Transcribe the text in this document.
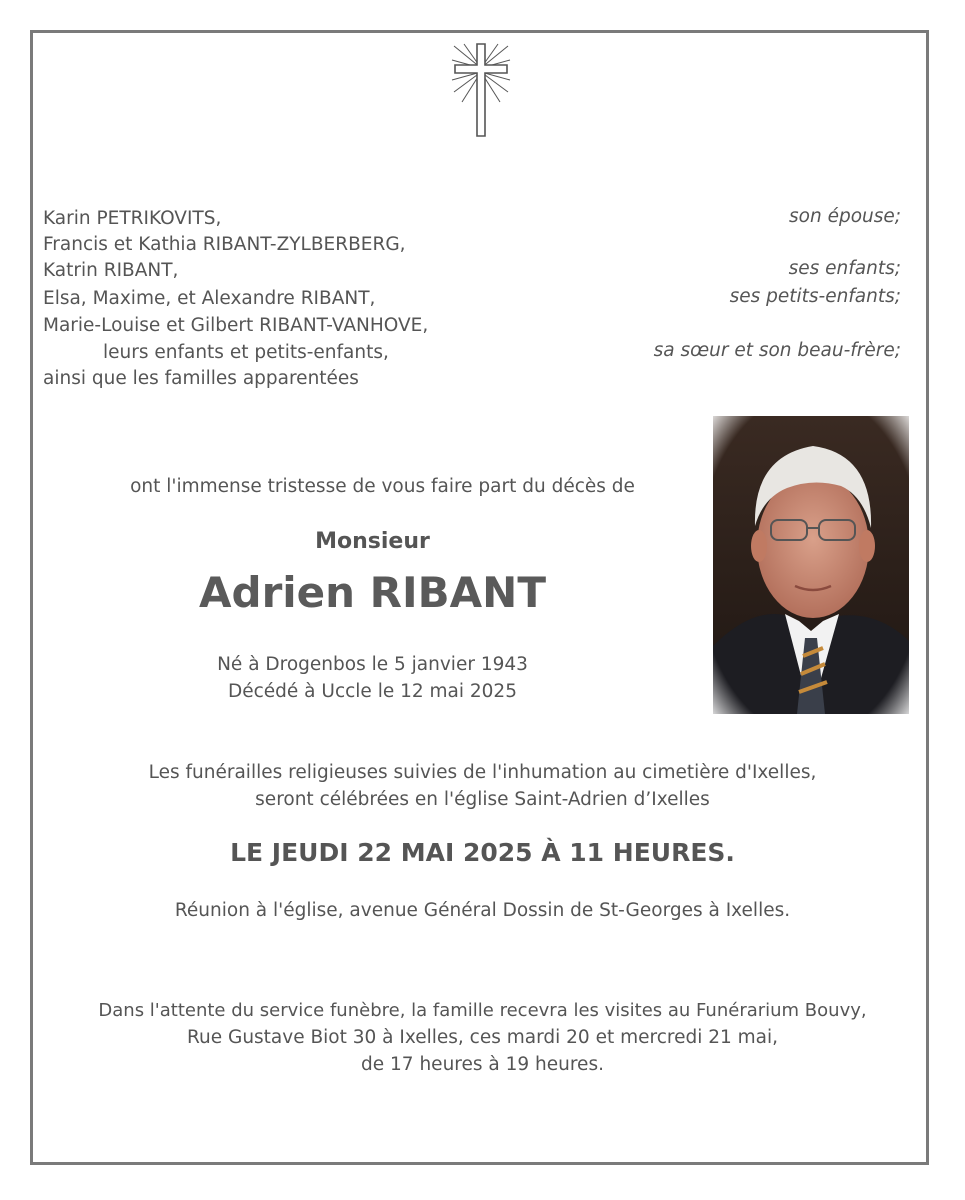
Karin PETRIKOVITS,
Francis et Kathia RIBANT-ZYLBERBERG,
Katrin RIBANT,
Elsa, Maxime, et Alexandre RIBANT,
Marie-Louise et Gilbert RIBANT-VANHOVE,
leurs enfants et petits-enfants,
ainsi que les familles apparentées
son épouse;
ses enfants;
ses petits-enfants;
sa sœur et son beau-frère;
ont l'immense tristesse de vous faire part du décès de
Monsieur
Adrien RIBANT
Né à Drogenbos le 5 janvier 1943
Décédé à Uccle le 12 mai 2025
Les funérailles religieuses suivies de l'inhumation au cimetière d'Ixelles,
seront célébrées en l'église Saint-Adrien d’Ixelles
LE JEUDI 22 MAI 2025 À 11 HEURES.
Réunion à l'église, avenue Général Dossin de St-Georges à Ixelles.
Dans l'attente du service funèbre, la famille recevra les visites au Funérarium Bouvy,
Rue Gustave Biot 30 à Ixelles, ces mardi 20 et mercredi 21 mai,
de 17 heures à 19 heures.
